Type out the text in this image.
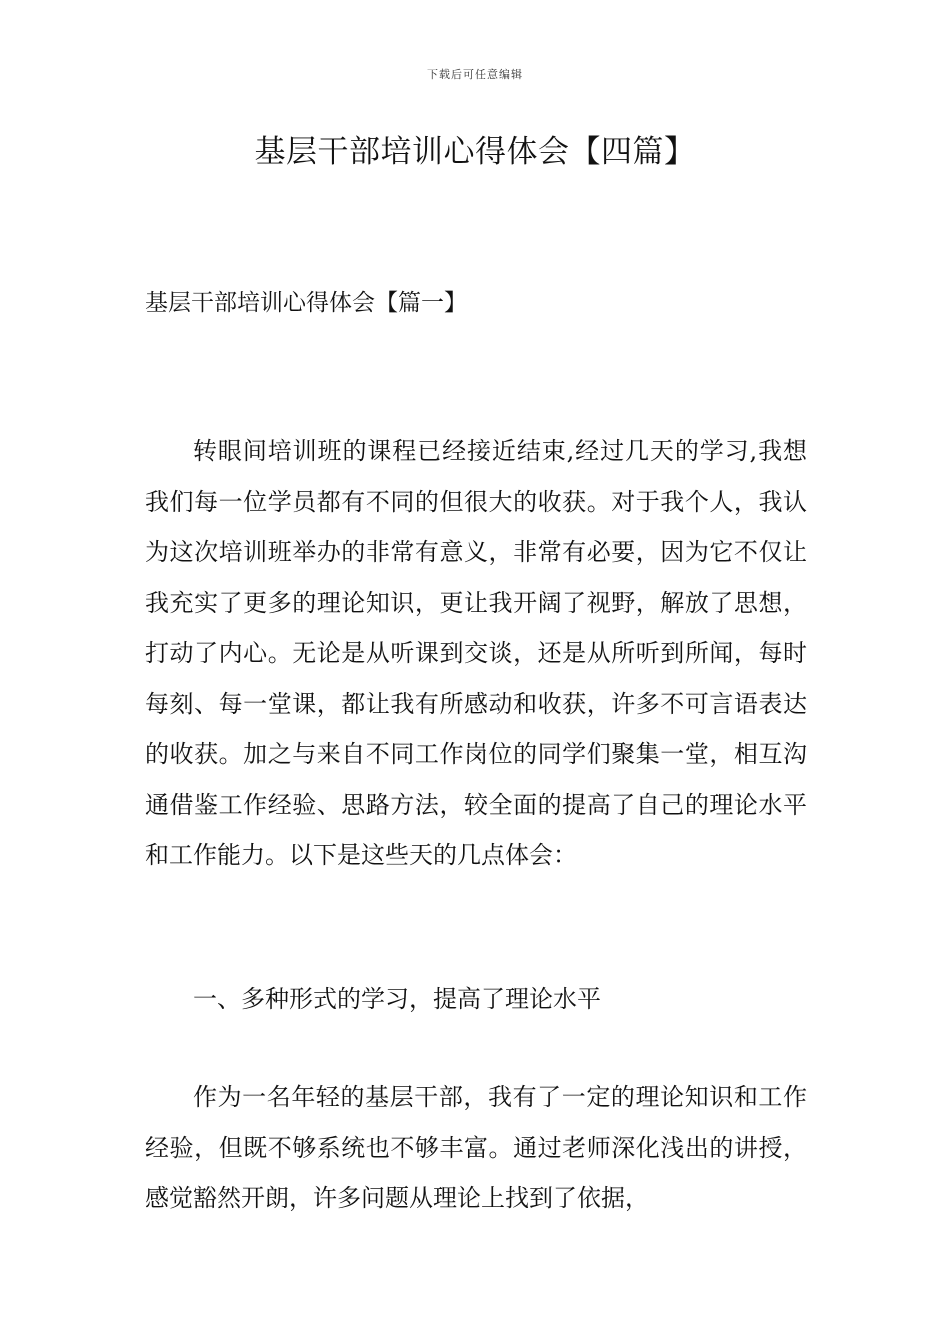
下载后可任意编辑
基层干部培训心得体会【四篇】
基层干部培训心得体会【篇一】

转眼间培训班的课程已经接近结束,经过几天的学习,我想我们每一位学员都有不同的但很大的收获。对于我个人，我认为这次培训班举办的非常有意义，非常有必要，因为它不仅让我充实了更多的理论知识，更让我开阔了视野，解放了思想，打动了内心。无论是从听课到交谈，还是从所听到所闻，每时每刻、每一堂课，都让我有所感动和收获，许多不可言语表达的收获。加之与来自不同工作岗位的同学们聚集一堂，相互沟通借鉴工作经验、思路方法，较全面的提高了自己的理论水平和工作能力。以下是这些天的几点体会：

一、多种形式的学习，提高了理论水平

作为一名年轻的基层干部，我有了一定的理论知识和工作经验，但既不够系统也不够丰富。通过老师深化浅出的讲授，感觉豁然开朗，许多问题从理论上找到了依据，
